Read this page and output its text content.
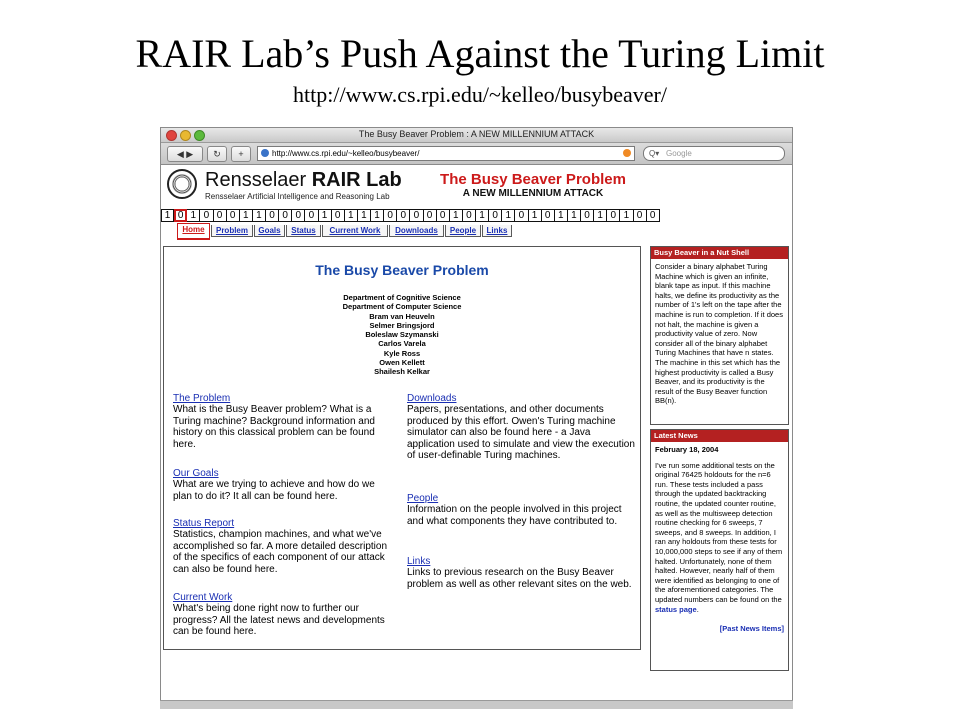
RAIR Lab’s Push Against the Turing Limit
http://www.cs.rpi.edu/~kelleo/busybeaver/
The Busy Beaver Problem : A NEW MILLENNIUM ATTACK
◀ ▶	↻	+	http://www.cs.rpi.edu/~kelleo/busybeaver/	Q▾ Google
Rensselaer RAIR Lab
Rensselaer Artificial Intelligence and Reasoning Lab
The Busy Beaver Problem
A NEW MILLENNIUM ATTACK
1 0 1 0 0 0 1 1 0 0 0 0 1 0 1 1 1 0 0 0 0 0 1 0 1 0 1 0 1 0 1 1 0 1 0 1 0 0
Home	Problem	Goals	Status	Current Work	Downloads	People	Links
The Busy Beaver Problem
Department of Cognitive Science
Department of Computer Science
Bram van Heuveln
Selmer Bringsjord
Boleslaw Szymanski
Carlos Varela
Kyle Ross
Owen Kellett
Shailesh Kelkar
The Problem
What is the Busy Beaver problem? What is a Turing machine? Background information and history on this classical problem can be found here.
Our Goals
What are we trying to achieve and how do we plan to do it? It all can be found here.
Status Report
Statistics, champion machines, and what we've accomplished so far. A more detailed description of the specifics of each component of our attack can also be found here.
Current Work
What's being done right now to further our progress? All the latest news and developments can be found here.
Downloads
Papers, presentations, and other documents produced by this effort. Owen's Turing machine simulator can also be found here - a Java application used to simulate and view the execution of user-definable Turing machines.
People
Information on the people involved in this project and what components they have contributed to.
Links
Links to previous research on the Busy Beaver problem as well as other relevant sites on the web.
Busy Beaver in a Nut Shell
Consider a binary alphabet Turing Machine which is given an infinite, blank tape as input. If this machine halts, we define its productivity as the number of 1's left on the tape after the machine is run to completion. If it does not halt, the machine is given a productivity value of zero. Now consider all of the binary alphabet Turing Machines that have n states. The machine in this set which has the highest productivity is called a Busy Beaver, and its productivity is the result of the Busy Beaver function BB(n).
Latest News
February 18, 2004
I've run some additional tests on the original 76425 holdouts for the n=6 run. These tests included a pass through the updated backtracking routine, the updated counter routine, as well as the multisweep detection routine checking for 6 sweeps, 7 sweeps, and 8 sweeps. In addition, I ran any holdouts from these tests for 10,000,000 steps to see if any of them halted. Unfortunately, none of them halted. However, nearly half of them were identified as belonging to one of the aforementioned categories. The updated numbers can be found on the status page.
[Past News Items]
